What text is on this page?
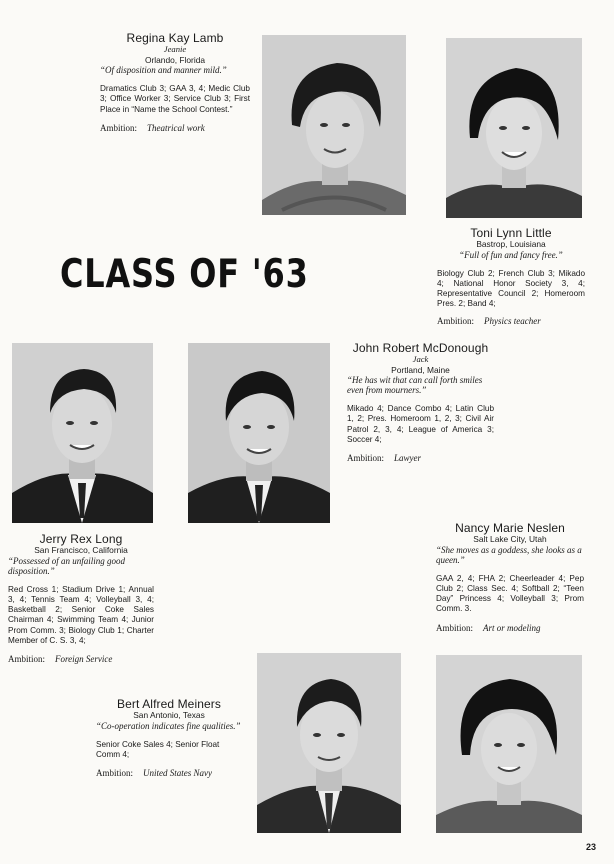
CLASS OF '63
Regina Kay Lamb
Jeanie
Orlando, Florida
“Of disposition and manner mild.”
Dramatics Club 3; GAA 3, 4; Medic Club 3; Office Worker 3; Service Club 3; First Place in “Name the School Contest.”
Ambition: Theatrical work
Toni Lynn Little
Bastrop, Louisiana
“Full of fun and fancy free.”
Biology Club 2; French Club 3; Mikado 4; National Honor Society 3, 4; Representative Council 2; Homeroom Pres. 2; Band 4;
Ambition: Physics teacher
John Robert McDonough
Jack
Portland, Maine
“He has wit that can call forth smiles even from mourners.”
Mikado 4; Dance Combo 4; Latin Club 1, 2; Pres. Homeroom 1, 2, 3; Civil Air Patrol 2, 3, 4; League of America 3; Soccer 4;
Ambition: Lawyer
Jerry Rex Long
San Francisco, California
“Possessed of an unfailing good disposition.”
Red Cross 1; Stadium Drive 1; Annual 3, 4; Tennis Team 4; Volleyball 3, 4; Basketball 2; Senior Coke Sales Chairman 4; Swimming Team 4; Junior Prom Comm. 3; Biology Club 1; Charter Member of C. S. 3, 4;
Ambition: Foreign Service
Nancy Marie Neslen
Salt Lake City, Utah
“She moves as a goddess, she looks as a queen.”
GAA 2, 4; FHA 2; Cheerleader 4; Pep Club 2; Class Sec. 4; Softball 2; “Teen Day” Princess 4; Volleyball 3; Prom Comm. 3.
Ambition: Art or modeling
Bert Alfred Meiners
San Antonio, Texas
“Co-operation indicates fine qualities.”
Senior Coke Sales 4; Senior Float Comm 4;
Ambition: United States Navy
23
